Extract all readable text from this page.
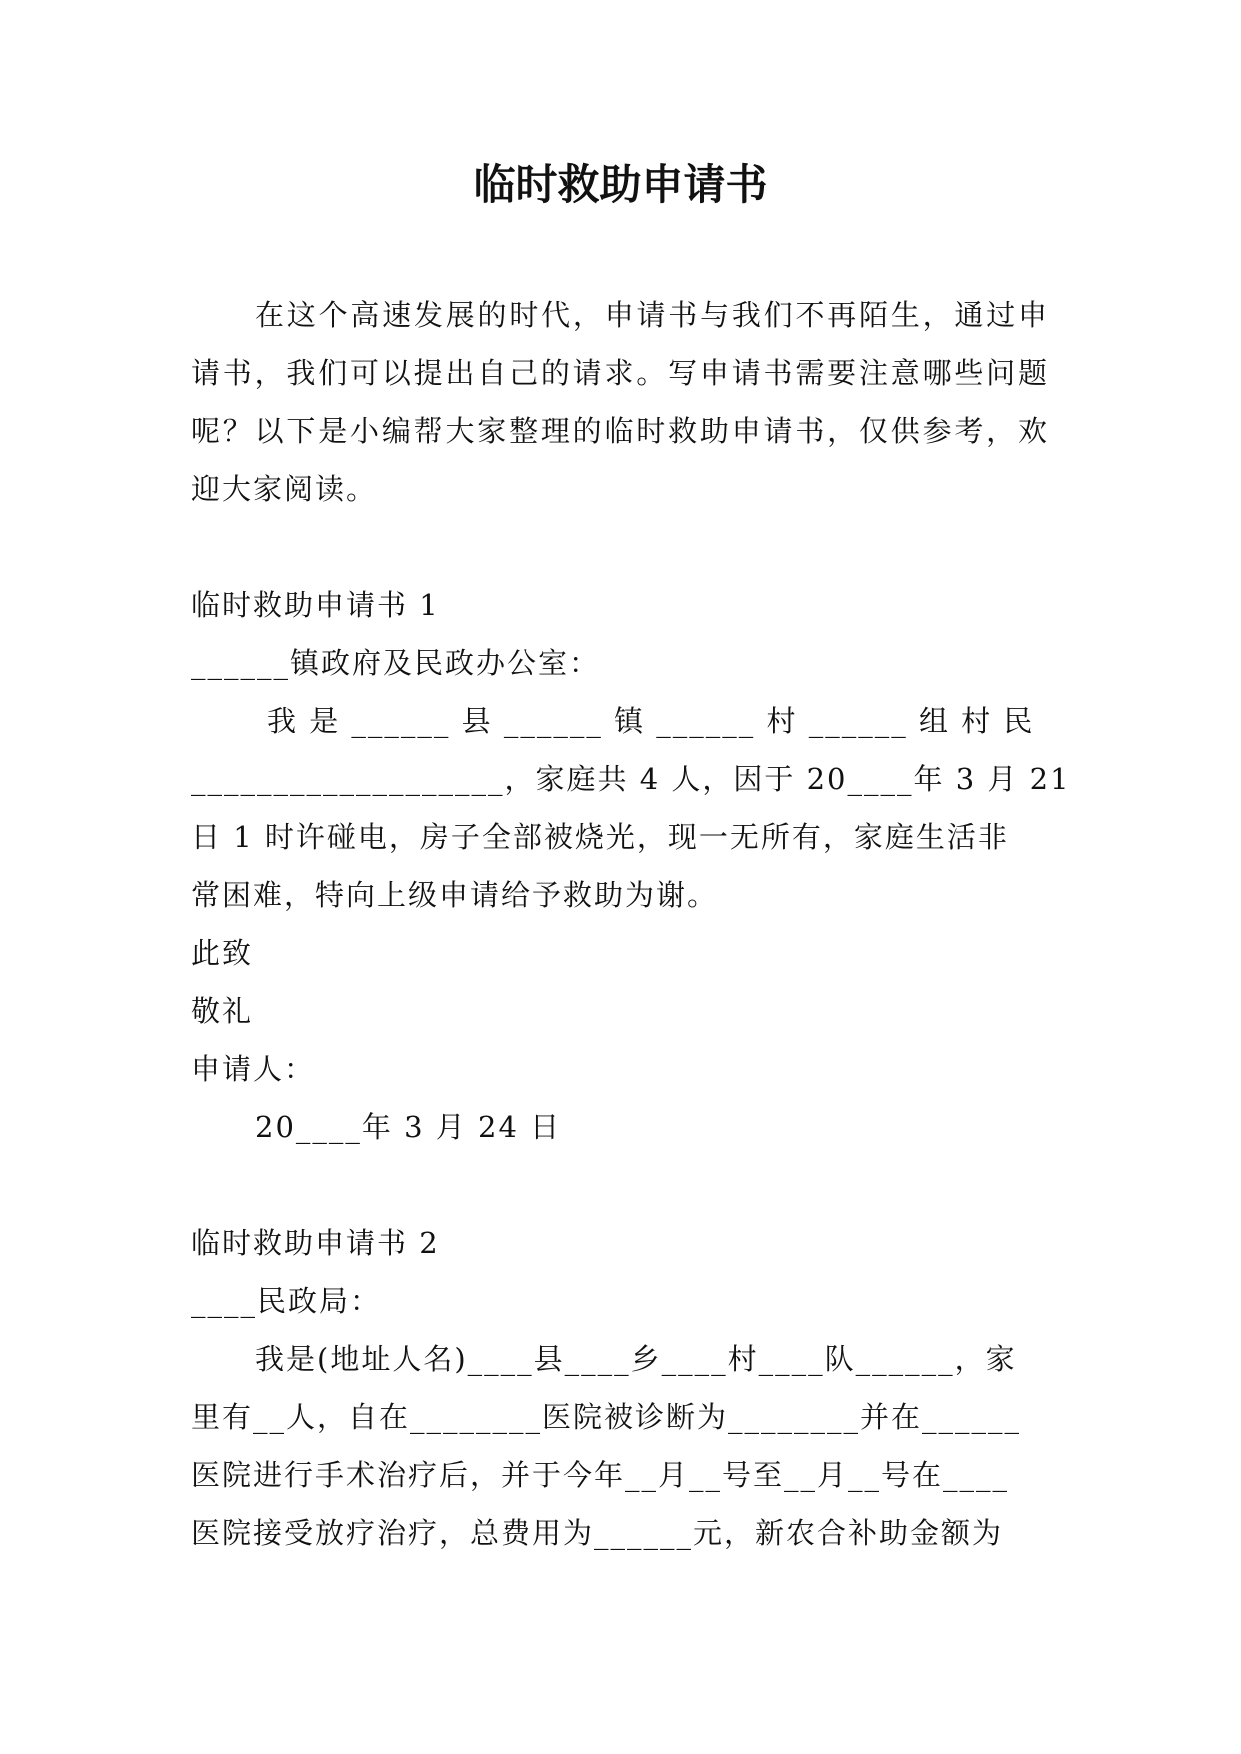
临时救助申请书

在这个高速发展的时代，申请书与我们不再陌生，通过申请书，我们可以提出自己的请求。写申请书需要注意哪些问题呢？以下是小编帮大家整理的临时救助申请书，仅供参考，欢迎大家阅读。

临时救助申请书 1

______镇政府及民政办公室：

我 是 ______ 县 ______ 镇 ______ 村 ______ 组 村 民

___________________，家庭共 4 人，因于 20____年 3 月 21

日 1 时许碰电，房子全部被烧光，现一无所有，家庭生活非

常困难，特向上级申请给予救助为谢。

此致

敬礼

申请人：

20____年 3 月 24 日

临时救助申请书 2

____民政局：

我是(地址人名)____县____乡____村____队______，家

里有__人，自在________医院被诊断为________并在______

医院进行手术治疗后，并于今年__月__号至__月__号在____

医院接受放疗治疗，总费用为______元，新农合补助金额为
